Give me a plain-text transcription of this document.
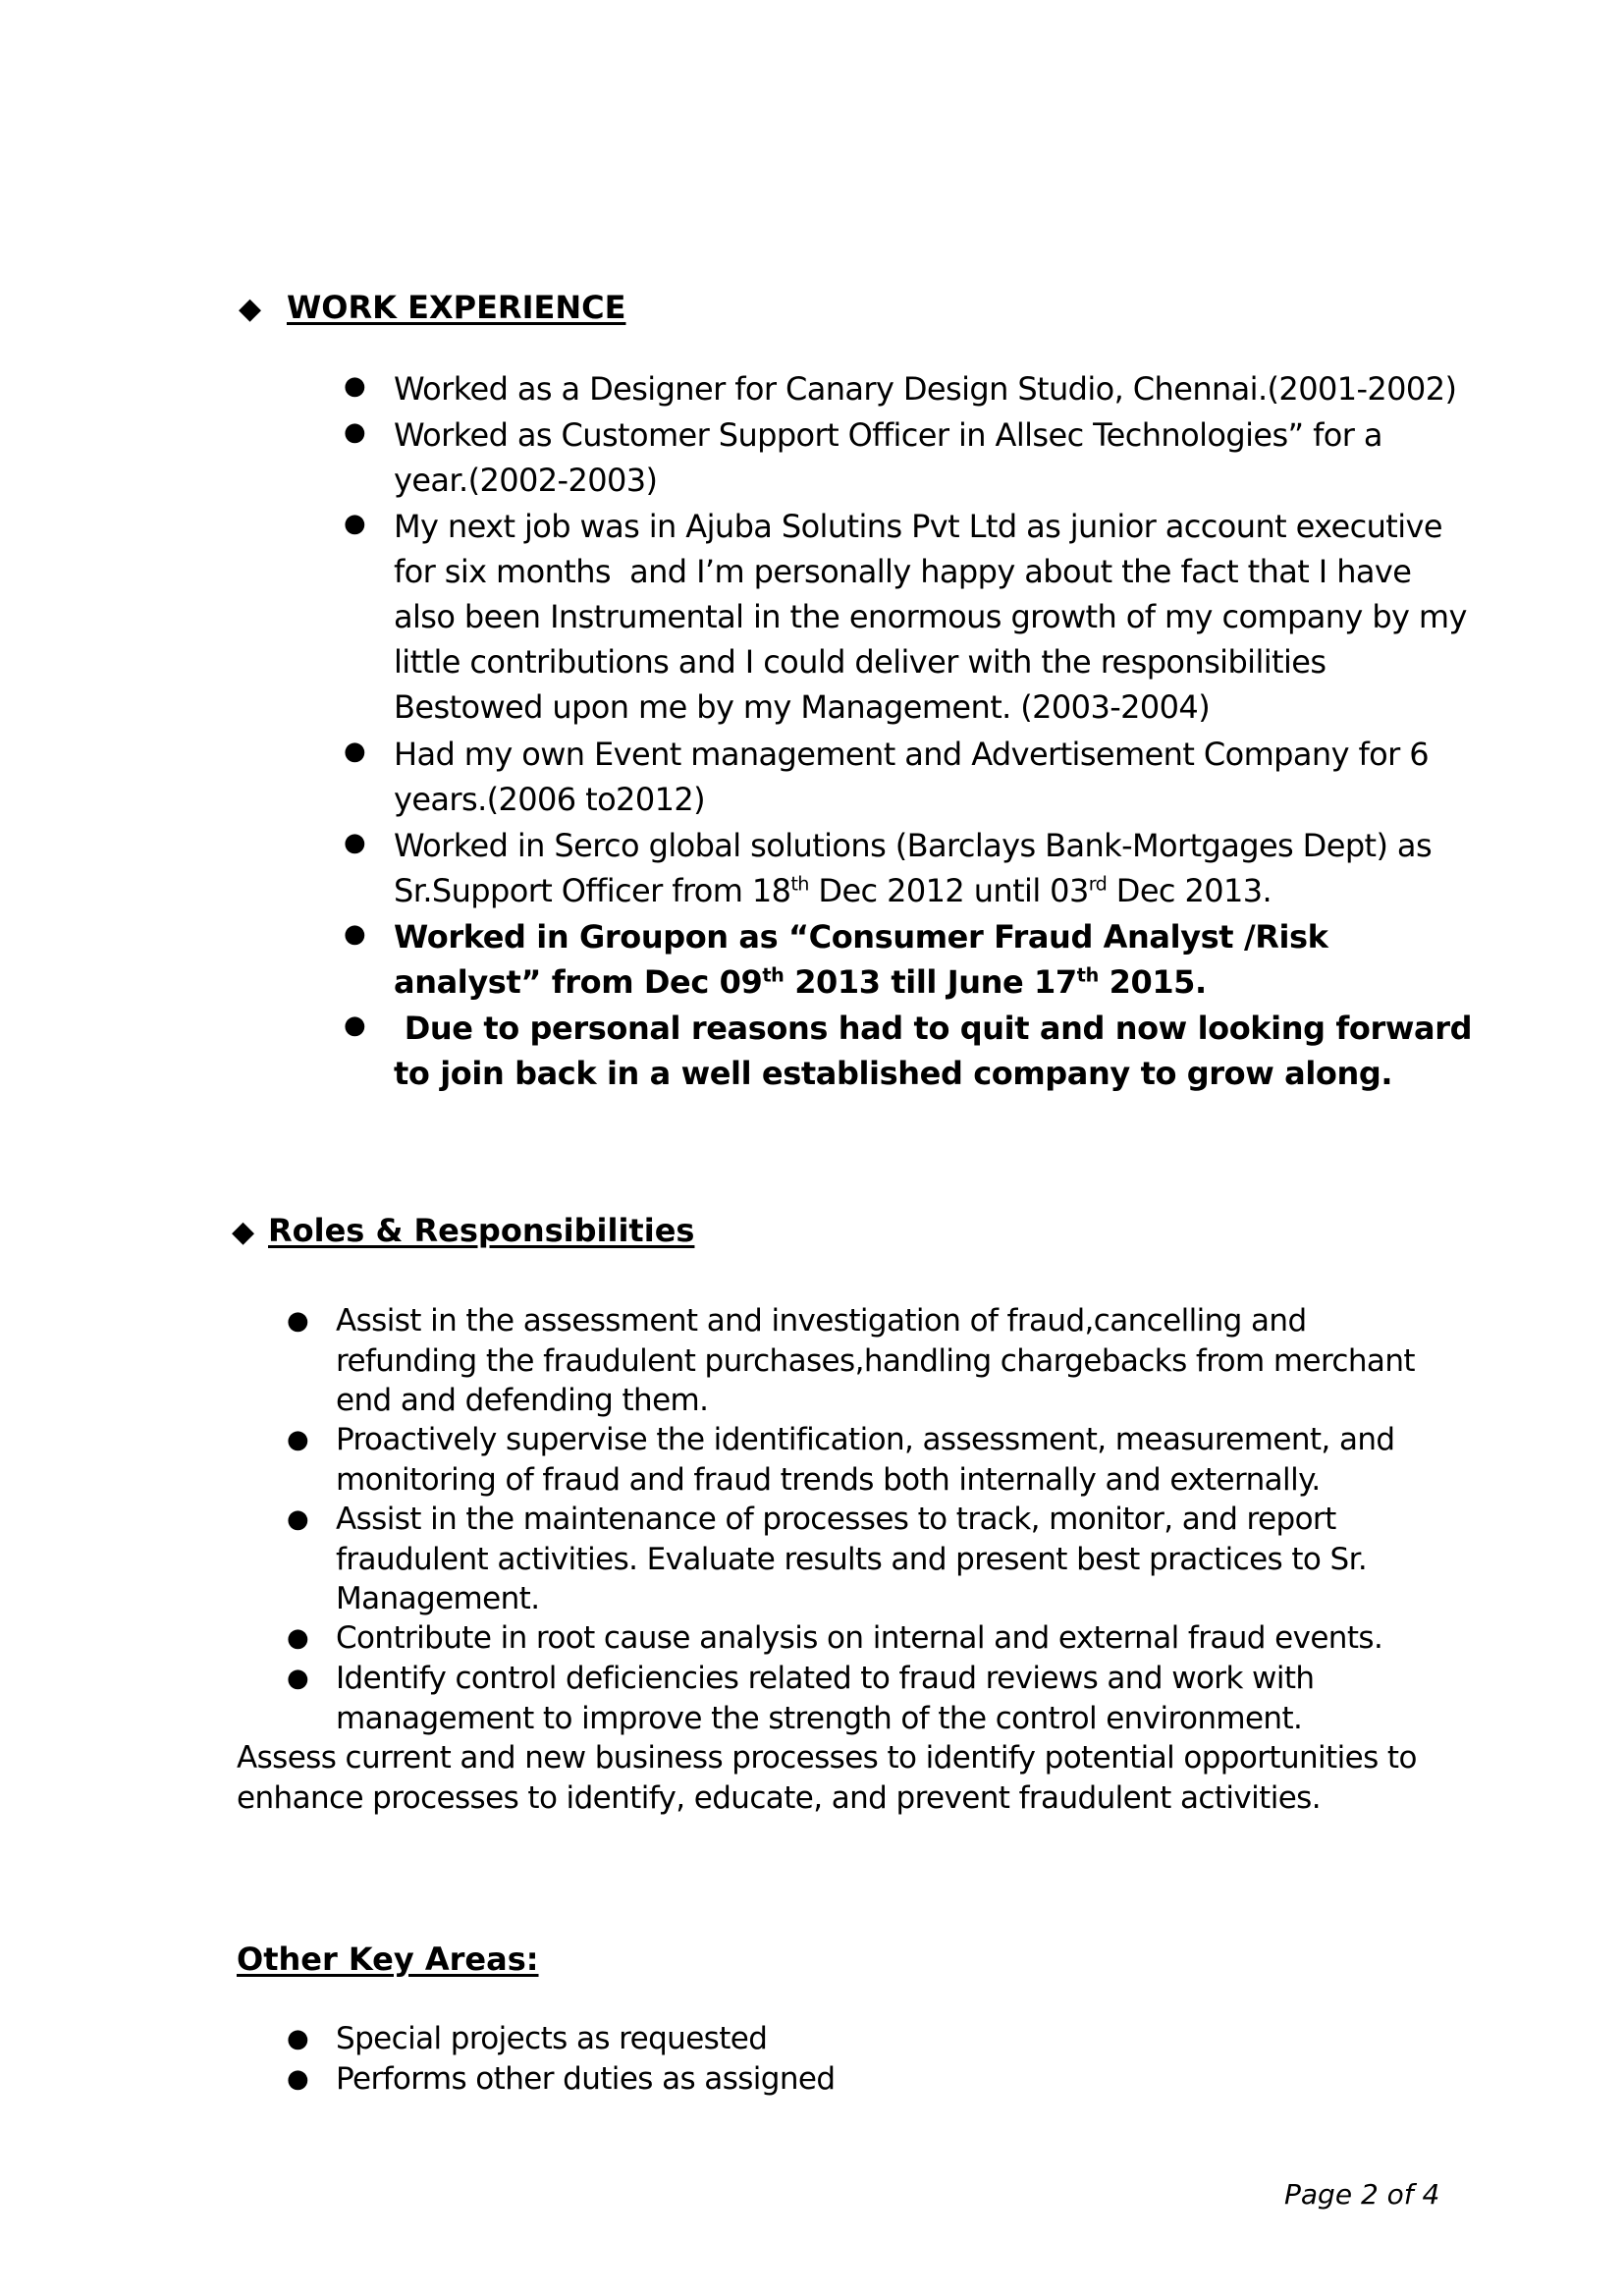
◆ WORK EXPERIENCE
● Worked as a Designer for Canary Design Studio, Chennai.(2001-2002)
● Worked as Customer Support Officer in Allsec Technologies” for a
year.(2002-2003)
● My next job was in Ajuba Solutins Pvt Ltd as junior account executive
for six months  and I’m personally happy about the fact that I have
also been Instrumental in the enormous growth of my company by my
little contributions and I could deliver with the responsibilities
Bestowed upon me by my Management. (2003-2004)
● Had my own Event management and Advertisement Company for 6
years.(2006 to2012)
● Worked in Serco global solutions (Barclays Bank-Mortgages Dept) as
Sr.Support Officer from 18th Dec 2012 until 03rd Dec 2013.
● Worked in Groupon as “Consumer Fraud Analyst /Risk
analyst” from Dec 09th 2013 till June 17th 2015.
● Due to personal reasons had to quit and now looking forward
to join back in a well established company to grow along.
◆ Roles & Responsibilities
● Assist in the assessment and investigation of fraud,cancelling and
refunding the fraudulent purchases,handling chargebacks from merchant
end and defending them.
● Proactively supervise the identification, assessment, measurement, and
monitoring of fraud and fraud trends both internally and externally.
● Assist in the maintenance of processes to track, monitor, and report
fraudulent activities. Evaluate results and present best practices to Sr.
Management.
● Contribute in root cause analysis on internal and external fraud events.
● Identify control deficiencies related to fraud reviews and work with
management to improve the strength of the control environment.
Assess current and new business processes to identify potential opportunities to
enhance processes to identify, educate, and prevent fraudulent activities.
Other Key Areas:
● Special projects as requested
● Performs other duties as assigned
Page 2 of 4
